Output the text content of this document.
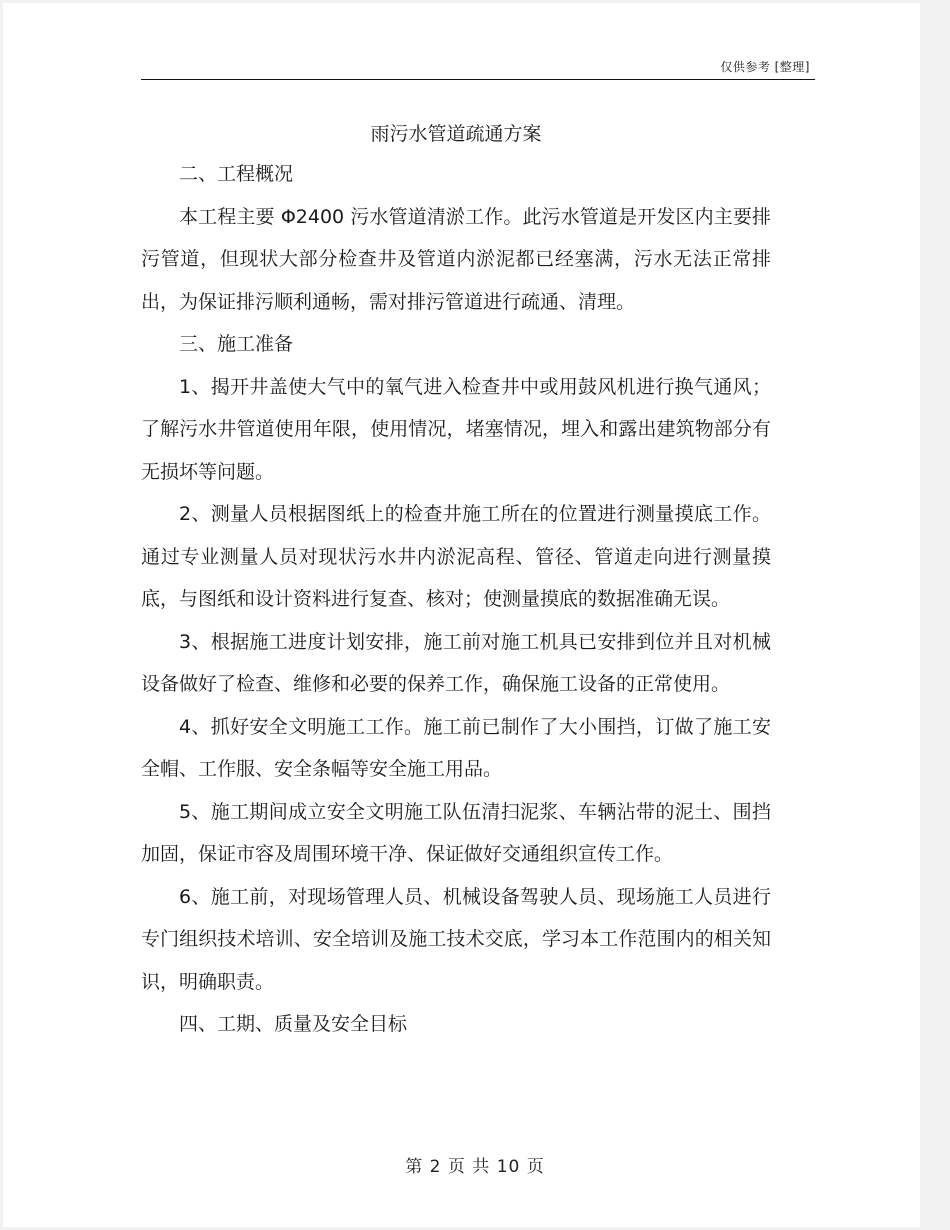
仅供参考 [整理]
雨污水管道疏通方案

二、工程概况

本工程主要 Φ2400 污水管道清淤工作。此污水管道是开发区内主要排污管道，但现状大部分检查井及管道内淤泥都已经塞满，污水无法正常排出，为保证排污顺利通畅，需对排污管道进行疏通、清理。

三、施工准备

1、揭开井盖使大气中的氧气进入检查井中或用鼓风机进行换气通风；了解污水井管道使用年限，使用情况，堵塞情况，埋入和露出建筑物部分有无损坏等问题。

2、测量人员根据图纸上的检查井施工所在的位置进行测量摸底工作。通过专业测量人员对现状污水井内淤泥高程、管径、管道走向进行测量摸底，与图纸和设计资料进行复查、核对；使测量摸底的数据准确无误。

3、根据施工进度计划安排，施工前对施工机具已安排到位并且对机械设备做好了检查、维修和必要的保养工作，确保施工设备的正常使用。

4、抓好安全文明施工工作。施工前已制作了大小围挡，订做了施工安全帽、工作服、安全条幅等安全施工用品。

5、施工期间成立安全文明施工队伍清扫泥浆、车辆沾带的泥土、围挡加固，保证市容及周围环境干净、保证做好交通组织宣传工作。

6、施工前，对现场管理人员、机械设备驾驶人员、现场施工人员进行专门组织技术培训、安全培训及施工技术交底，学习本工作范围内的相关知识，明确职责。

四、工期、质量及安全目标

第 2 页 共 10 页
